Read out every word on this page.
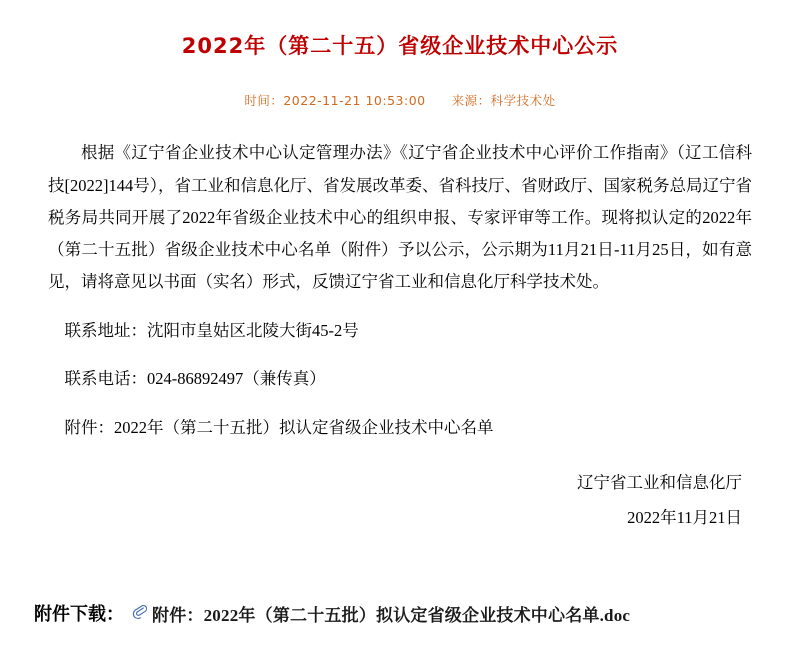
2022年（第二十五）省级企业技术中心公示
时间：2022-11-21 10:53:00 来源：科学技术处

根据《辽宁省企业技术中心认定管理办法》《辽宁省企业技术中心评价工作指南》（辽工信科技[2022]144号），省工业和信息化厅、省发展改革委、省科技厅、省财政厅、国家税务总局辽宁省税务局共同开展了2022年省级企业技术中心的组织申报、专家评审等工作。现将拟认定的2022年（第二十五批）省级企业技术中心名单（附件）予以公示，公示期为11月21日-11月25日，如有意见，请将意见以书面（实名）形式，反馈辽宁省工业和信息化厅科学技术处。

联系地址：沈阳市皇姑区北陵大街45-2号

联系电话：024-86892497（兼传真）

附件：2022年（第二十五批）拟认定省级企业技术中心名单

辽宁省工业和信息化厅
2022年11月21日
附件下载： 附件：2022年（第二十五批）拟认定省级企业技术中心名单.doc
